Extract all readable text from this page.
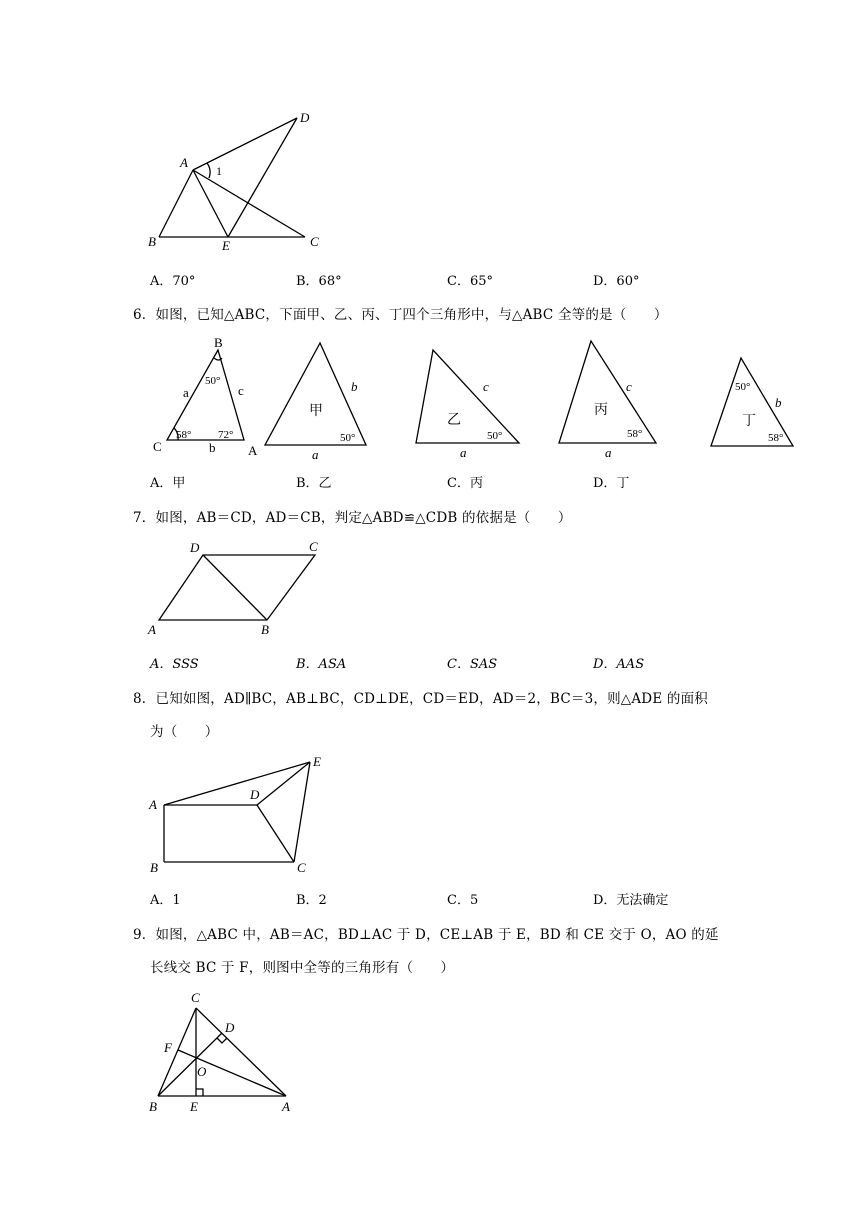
A
B	E	C
D
1
A．70°	B．68°	C．65°	D．60°
6．如图，已知△ABC，下面甲、乙、丙、丁四个三角形中，与△ABC 全等的是（　　）
B
C	A
a	c
b
50°
58° 72°
b
a
c
a
c
a
b
50°	50°	58°
50°
58°
甲
乙
丙
丁
A．甲	B．乙	C．丙	D．丁
7．如图，AB＝CD，AD＝CB，判定△ABD≌△CDB 的依据是（　　）
A	B
C
D
A．SSS	B．ASA	C．SAS	D．AAS
8．已知如图，AD∥BC，AB⊥BC，CD⊥DE，CD＝ED，AD＝2，BC＝3，则△ADE 的面积
为（　　）
A
B	C
D
E
A．1	B．2	C．5	D．无法确定
9．如图，△ABC 中，AB＝AC，BD⊥AC 于 D，CE⊥AB 于 E，BD 和 CE 交于 O，AO 的延
长线交 BC 于 F，则图中全等的三角形有（　　）
C
D
F
O
B	E	A
